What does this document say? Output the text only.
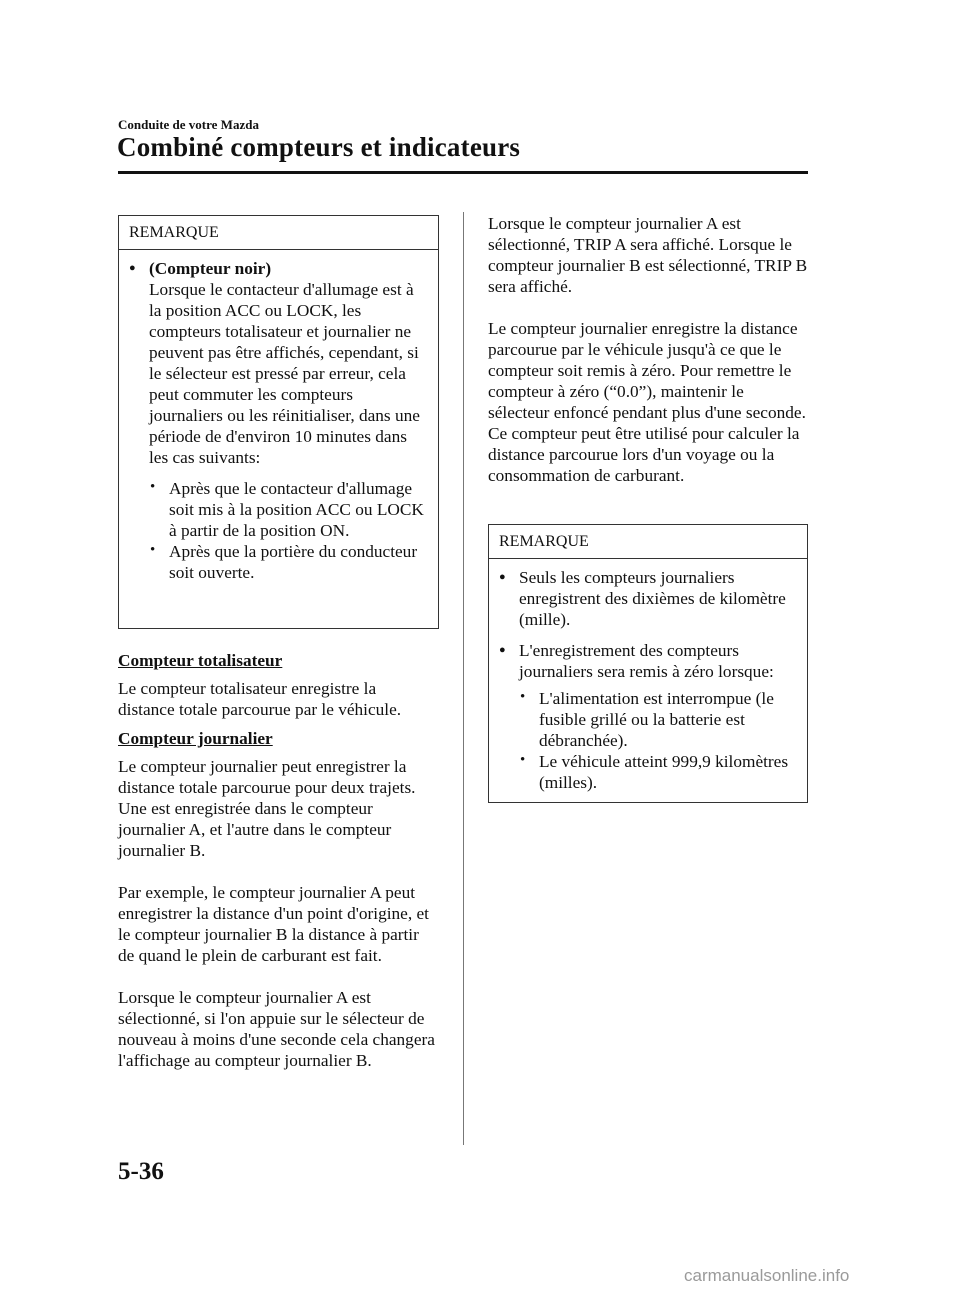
Conduite de votre Mazda
Combiné compteurs et indicateurs
REMARQUE
● (Compteur noir)
Lorsque le contacteur d'allumage est à la position ACC ou LOCK, les compteurs totalisateur et journalier ne peuvent pas être affichés, cependant, si le sélecteur est pressé par erreur, cela peut commuter les compteurs journaliers ou les réinitialiser, dans une période de d'environ 10 minutes dans les cas suivants:
• Après que le contacteur d'allumage soit mis à la position ACC ou LOCK à partir de la position ON.
• Après que la portière du conducteur soit ouverte.
Compteur totalisateur
Le compteur totalisateur enregistre la distance totale parcourue par le véhicule.
Compteur journalier
Le compteur journalier peut enregistrer la distance totale parcourue pour deux trajets. Une est enregistrée dans le compteur journalier A, et l'autre dans le compteur journalier B.
Par exemple, le compteur journalier A peut enregistrer la distance d'un point d'origine, et le compteur journalier B la distance à partir de quand le plein de carburant est fait.
Lorsque le compteur journalier A est sélectionné, si l'on appuie sur le sélecteur de nouveau à moins d'une seconde cela changera l'affichage au compteur journalier B.
Lorsque le compteur journalier A est sélectionné, TRIP A sera affiché. Lorsque le compteur journalier B est sélectionné, TRIP B sera affiché.
Le compteur journalier enregistre la distance parcourue par le véhicule jusqu'à ce que le compteur soit remis à zéro. Pour remettre le compteur à zéro (“0.0”), maintenir le sélecteur enfoncé pendant plus d'une seconde. Ce compteur peut être utilisé pour calculer la distance parcourue lors d'un voyage ou la consommation de carburant.
REMARQUE
● Seuls les compteurs journaliers enregistrent des dixièmes de kilomètre (mille).
● L'enregistrement des compteurs journaliers sera remis à zéro lorsque:
• L'alimentation est interrompue (le fusible grillé ou la batterie est débranchée).
• Le véhicule atteint 999,9 kilomètres (milles).
5-36
carmanualsonline.info
